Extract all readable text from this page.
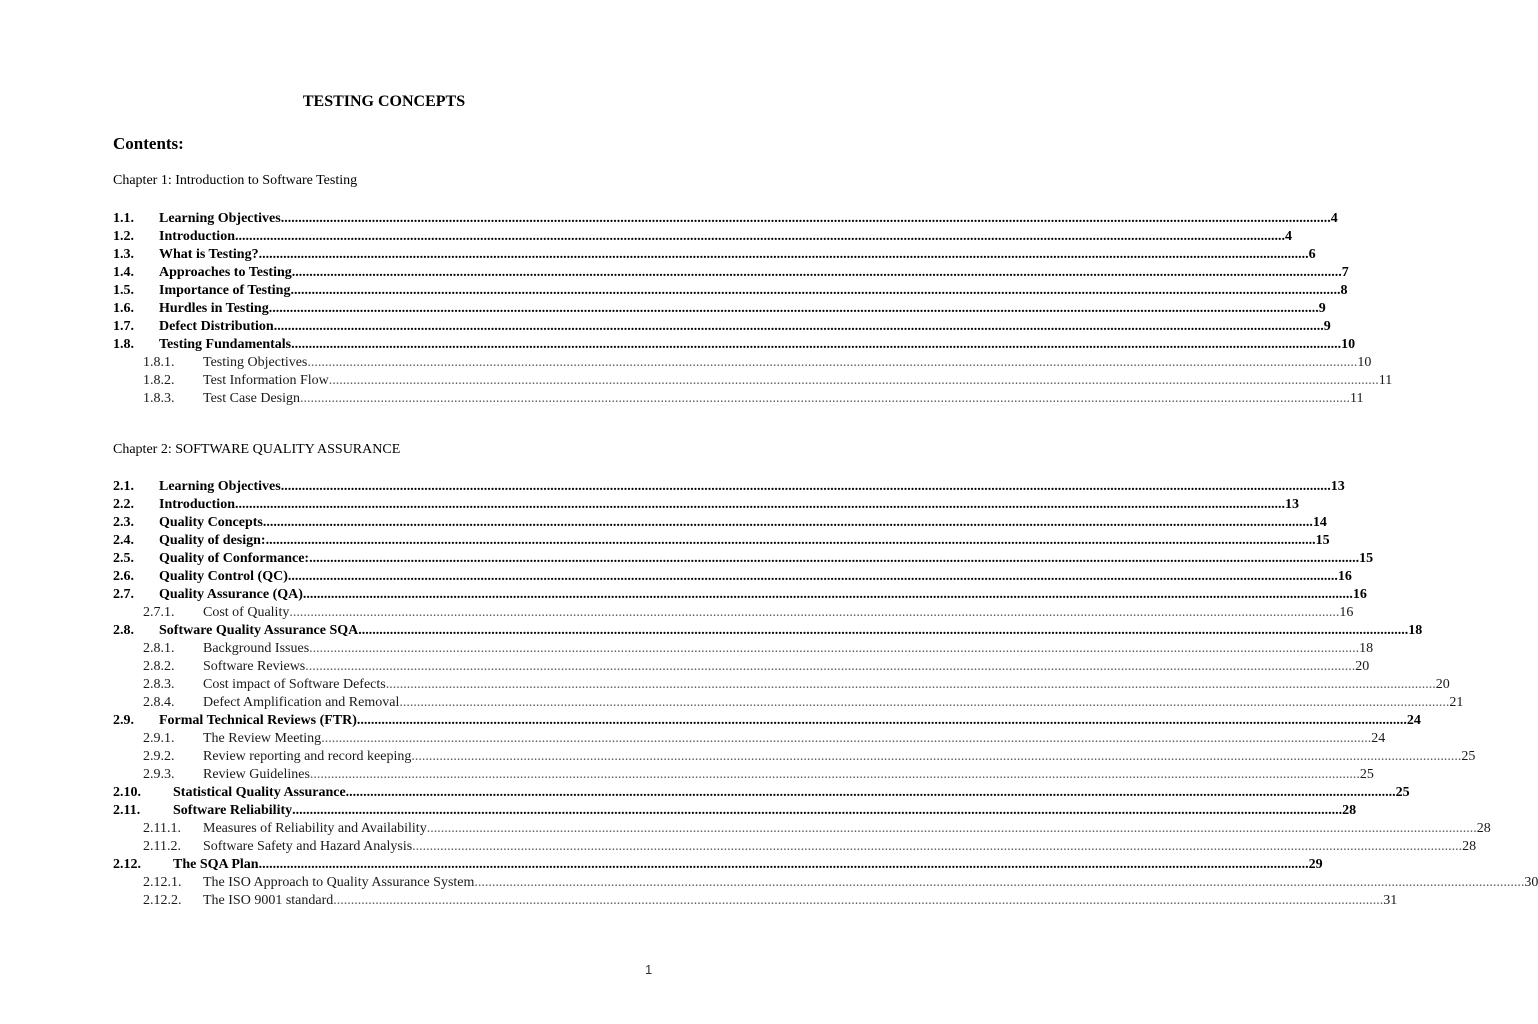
TESTING CONCEPTS
Contents:
Chapter 1: Introduction to Software Testing
1.1. Learning Objectives ............................................................................................................................................................................................................................................................................................................ 4
1.2. Introduction ............................................................................................................................................................................................................................................................................................................ 4
1.3. What is Testing? ............................................................................................................................................................................................................................................................................................................ 6
1.4. Approaches to Testing ............................................................................................................................................................................................................................................................................................................ 7
1.5. Importance of Testing ............................................................................................................................................................................................................................................................................................................ 8
1.6. Hurdles in Testing ............................................................................................................................................................................................................................................................................................................ 9
1.7. Defect Distribution ............................................................................................................................................................................................................................................................................................................ 9
1.8. Testing Fundamentals ............................................................................................................................................................................................................................................................................................................ 10
1.8.1. Testing Objectives ............................................................................................................................................................................................................................................................................................................ 10
1.8.2. Test Information Flow ............................................................................................................................................................................................................................................................................................................ 11
1.8.3. Test Case Design ............................................................................................................................................................................................................................................................................................................ 11
Chapter 2: SOFTWARE QUALITY ASSURANCE
2.1. Learning Objectives ............................................................................................................................................................................................................................................................................................................ 13
2.2. Introduction ............................................................................................................................................................................................................................................................................................................ 13
2.3. Quality Concepts ............................................................................................................................................................................................................................................................................................................ 14
2.4. Quality of design: ............................................................................................................................................................................................................................................................................................................ 15
2.5. Quality of Conformance: ............................................................................................................................................................................................................................................................................................................ 15
2.6. Quality Control (QC) ............................................................................................................................................................................................................................................................................................................ 16
2.7. Quality Assurance (QA) ............................................................................................................................................................................................................................................................................................................ 16
2.7.1. Cost of Quality ............................................................................................................................................................................................................................................................................................................ 16
2.8. Software Quality Assurance SQA ............................................................................................................................................................................................................................................................................................................ 18
2.8.1. Background Issues ............................................................................................................................................................................................................................................................................................................ 18
2.8.2. Software Reviews ............................................................................................................................................................................................................................................................................................................ 20
2.8.3. Cost impact of Software Defects ............................................................................................................................................................................................................................................................................................................ 20
2.8.4. Defect Amplification and Removal ............................................................................................................................................................................................................................................................................................................ 21
2.9. Formal Technical Reviews (FTR) ............................................................................................................................................................................................................................................................................................................ 24
2.9.1. The Review Meeting ............................................................................................................................................................................................................................................................................................................ 24
2.9.2. Review reporting and record keeping ............................................................................................................................................................................................................................................................................................................ 25
2.9.3. Review Guidelines ............................................................................................................................................................................................................................................................................................................ 25
2.10. Statistical Quality Assurance ............................................................................................................................................................................................................................................................................................................ 25
2.11. Software Reliability ............................................................................................................................................................................................................................................................................................................ 28
2.11.1. Measures of Reliability and Availability ............................................................................................................................................................................................................................................................................................................ 28
2.11.2. Software Safety and Hazard Analysis ............................................................................................................................................................................................................................................................................................................ 28
2.12. The SQA Plan ............................................................................................................................................................................................................................................................................................................ 29
2.12.1. The ISO Approach to Quality Assurance System ............................................................................................................................................................................................................................................................................................................ 30
2.12.2. The ISO 9001 standard ............................................................................................................................................................................................................................................................................................................ 31
1
